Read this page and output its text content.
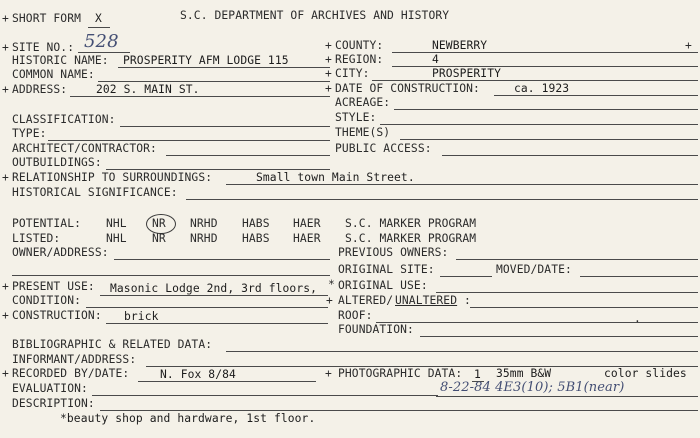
+ SHORT FORM X	S.C. DEPARTMENT OF ARCHIVES AND HISTORY
+ SITE NO.: 528
HISTORIC NAME: PROSPERITY AFM LODGE 115
COMMON NAME:
+ ADDRESS:	202 S. MAIN ST.
CLASSIFICATION:
TYPE:
ARCHITECT/CONTRACTOR:
OUTBUILDINGS:
+ COUNTY:	NEWBERRY	+
+ REGION:	4
+ CITY:	PROSPERITY
+ DATE OF CONSTRUCTION:	ca. 1923
ACREAGE:
STYLE:
THEME(S)
PUBLIC ACCESS:
+ RELATIONSHIP TO SURROUNDINGS:	Small town Main Street.
HISTORICAL SIGNIFICANCE:
POTENTIAL: NHL NR NRHD HABS HAER S.C. MARKER PROGRAM
LISTED:	NHL NR NRHD HABS HAER S.C. MARKER PROGRAM
OWNER/ADDRESS:	PREVIOUS OWNERS:
ORIGINAL SITE:	MOVED/DATE:
+ PRESENT USE: Masonic Lodge 2nd, 3rd floors, * ORIGINAL USE:
CONDITION:	+ ALTERED/ UNALTERED :
+ CONSTRUCTION: brick	ROOF:	.
FOUNDATION:
BIBLIOGRAPHIC & RELATED DATA:
INFORMANT/ADDRESS:
+ RECORDED BY/DATE:	N. Fox 8/84	+ PHOTOGRAPHIC DATA: 1 35mm B&W	color slides
8-22-84 4E3(10); 5B1(near)
EVALUATION:
DESCRIPTION:
*beauty shop and hardware, 1st floor.
